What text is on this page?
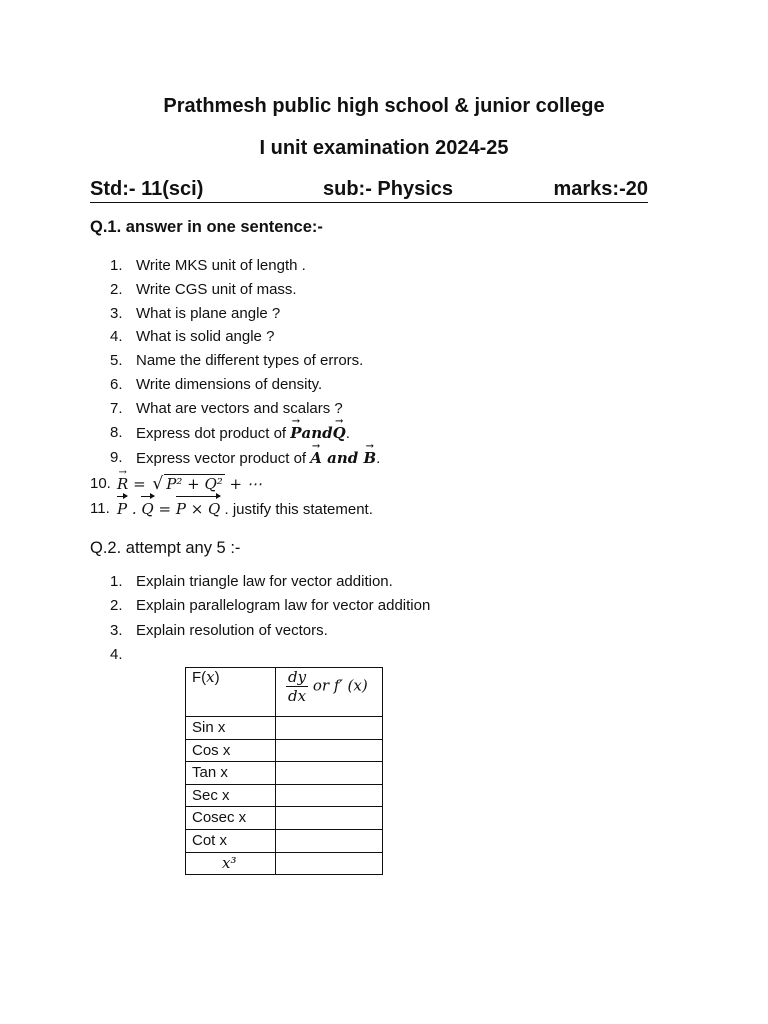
Prathmesh public high school & junior college
I unit examination 2024-25
Std:- 11(sci)	sub:- Physics	marks:-20
Q.1. answer in one sentence:-
1. Write MKS unit of length .
2. Write CGS unit of mass.
3. What is plane angle ?
4. What is solid angle ?
5. Name the different types of errors.
6. Write dimensions of density.
7. What are vectors and scalars ?
8. Express dot product of → Pand→ Q.
9. Express vector product of → A and → B.
10. → R = √ P² + Q² + ⋯
11. P . Q = P × Q . justify this statement.
Q.2. attempt any 5 :-
1. Explain triangle law for vector addition.
2. Explain parallelogram law for vector addition
3. Explain resolution of vectors.
4.
F(x)	$\frac{dy}{dx}$ or f′ (x)
Sin x	
Cos x	
Tan x	
Sec x	
Cosec x	
Cot x	
x³	
